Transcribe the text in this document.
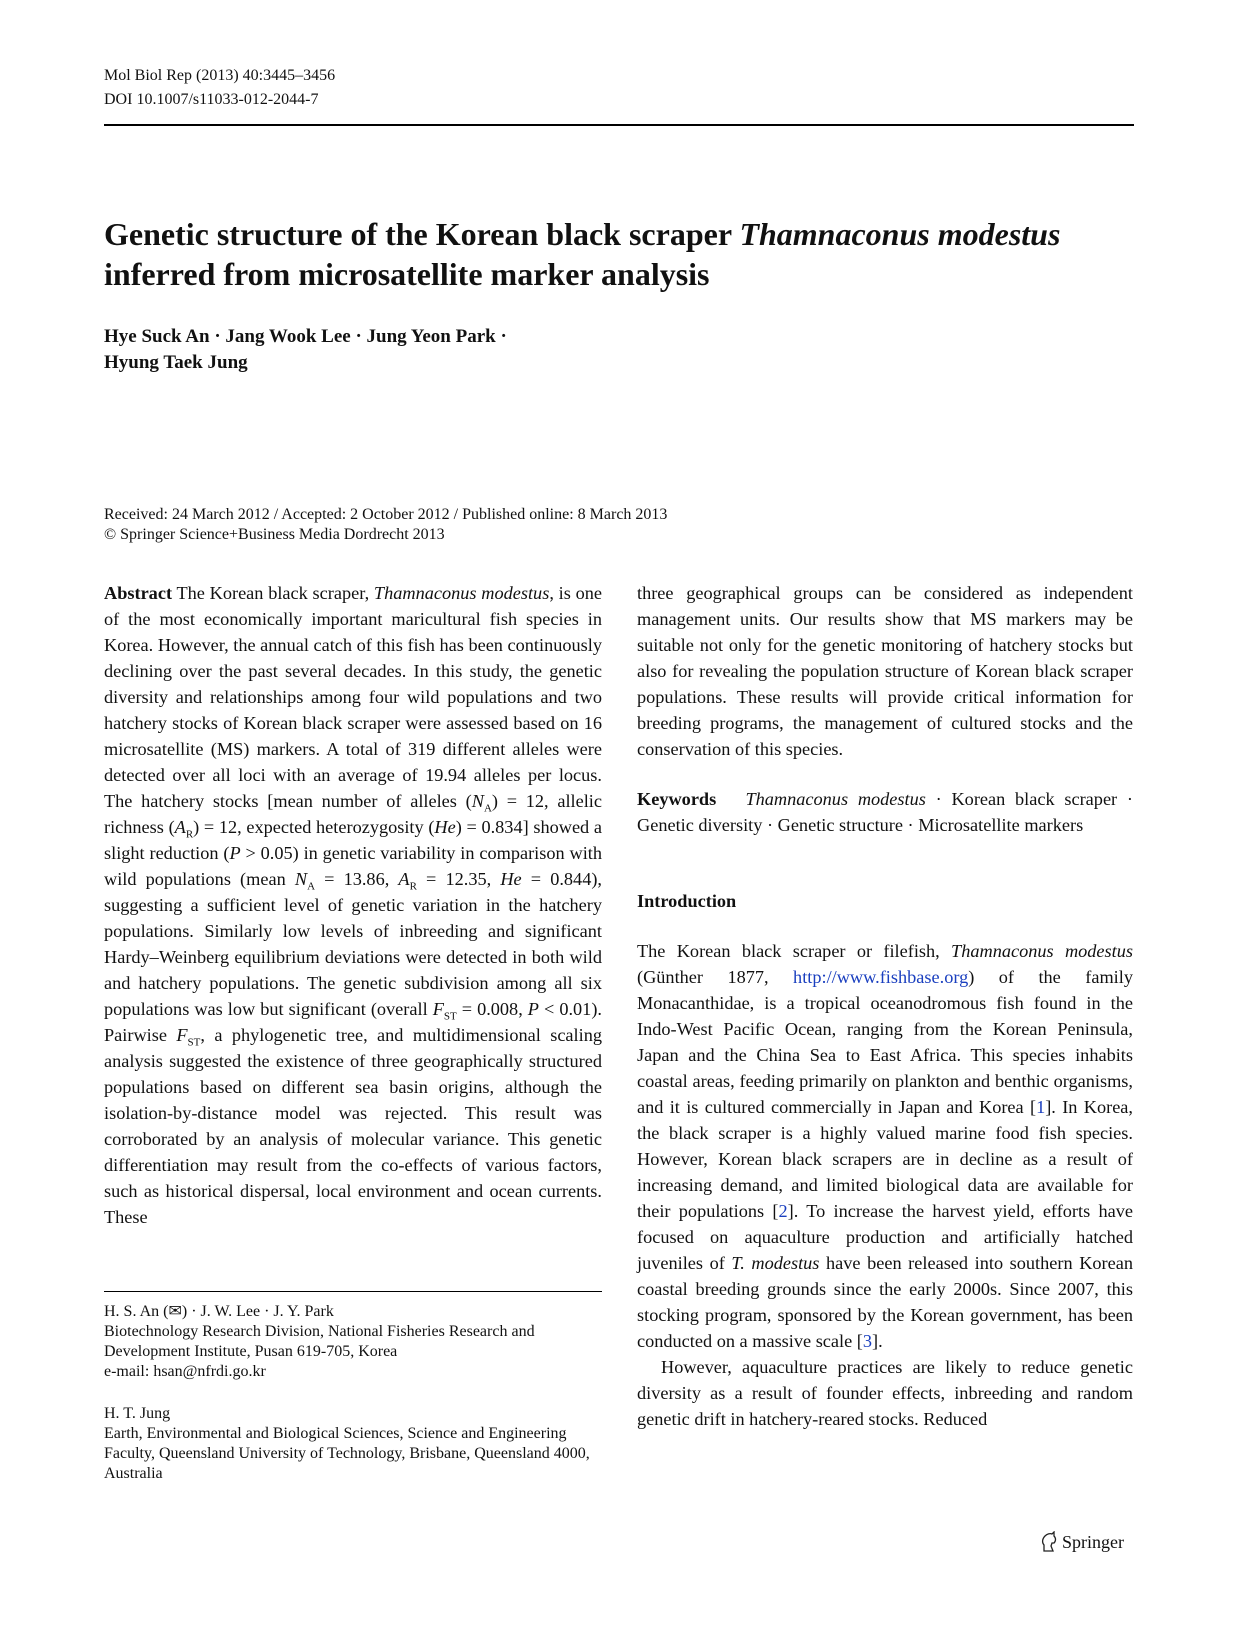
Mol Biol Rep (2013) 40:3445–3456
DOI 10.1007/s11033-012-2044-7
Genetic structure of the Korean black scraper Thamnaconus modestus inferred from microsatellite marker analysis
Hye Suck An · Jang Wook Lee · Jung Yeon Park ·
Hyung Taek Jung
Received: 24 March 2012 / Accepted: 2 October 2012 / Published online: 8 March 2013
© Springer Science+Business Media Dordrecht 2013

Abstract The Korean black scraper, Thamnaconus modestus, is one of the most economically important maricultural fish species in Korea. However, the annual catch of this fish has been continuously declining over the past several decades. In this study, the genetic diversity and relationships among four wild populations and two hatchery stocks of Korean black scraper were assessed based on 16 microsatellite (MS) markers. A total of 319 different alleles were detected over all loci with an average of 19.94 alleles per locus. The hatchery stocks [mean number of alleles $(N_A) = 12$, allelic richness $(A_R) = 12$, expected heterozygosity (He) = 0.834] showed a slight reduction (P > 0.05) in genetic variability in comparison with wild populations (mean $N_A = 13.86$, $A_R = 12.35$, He = 0.844), suggesting a sufficient level of genetic variation in the hatchery populations. Similarly low levels of inbreeding and significant Hardy–Weinberg equilibrium deviations were detected in both wild and hatchery populations. The genetic subdivision among all six populations was low but significant (overall $F_{ST} = 0.008$, P < 0.01). Pairwise $F_{ST}$, a phylogenetic tree, and multidimensional scaling analysis suggested the existence of three geographically structured populations based on different sea basin origins, although the isolation-by-distance model was rejected. This result was corroborated by an analysis of molecular variance. This genetic differentiation may result from the co-effects of various factors, such as historical dispersal, local environment and ocean currents. These

H. S. An (✉) · J. W. Lee · J. Y. Park
Biotechnology Research Division, National Fisheries Research and Development Institute, Pusan 619-705, Korea
e-mail: hsan@nfrdi.go.kr
H. T. Jung
Earth, Environmental and Biological Sciences, Science and Engineering Faculty, Queensland University of Technology, Brisbane, Queensland 4000, Australia

three geographical groups can be considered as independent management units. Our results show that MS markers may be suitable not only for the genetic monitoring of hatchery stocks but also for revealing the population structure of Korean black scraper populations. These results will provide critical information for breeding programs, the management of cultured stocks and the conservation of this species.

Keywords Thamnaconus modestus · Korean black scraper · Genetic diversity · Genetic structure · Microsatellite markers

Introduction

The Korean black scraper or filefish, Thamnaconus modestus (Günther 1877, http://www.fishbase.org) of the family Monacanthidae, is a tropical oceanodromous fish found in the Indo-West Pacific Ocean, ranging from the Korean Peninsula, Japan and the China Sea to East Africa. This species inhabits coastal areas, feeding primarily on plankton and benthic organisms, and it is cultured commercially in Japan and Korea [1]. In Korea, the black scraper is a highly valued marine food fish species. However, Korean black scrapers are in decline as a result of increasing demand, and limited biological data are available for their populations [2]. To increase the harvest yield, efforts have focused on aquaculture production and artificially hatched juveniles of T. modestus have been released into southern Korean coastal breeding grounds since the early 2000s. Since 2007, this stocking program, sponsored by the Korean government, has been conducted on a massive scale [3].

However, aquaculture practices are likely to reduce genetic diversity as a result of founder effects, inbreeding and random genetic drift in hatchery-reared stocks. Reduced

Springer
